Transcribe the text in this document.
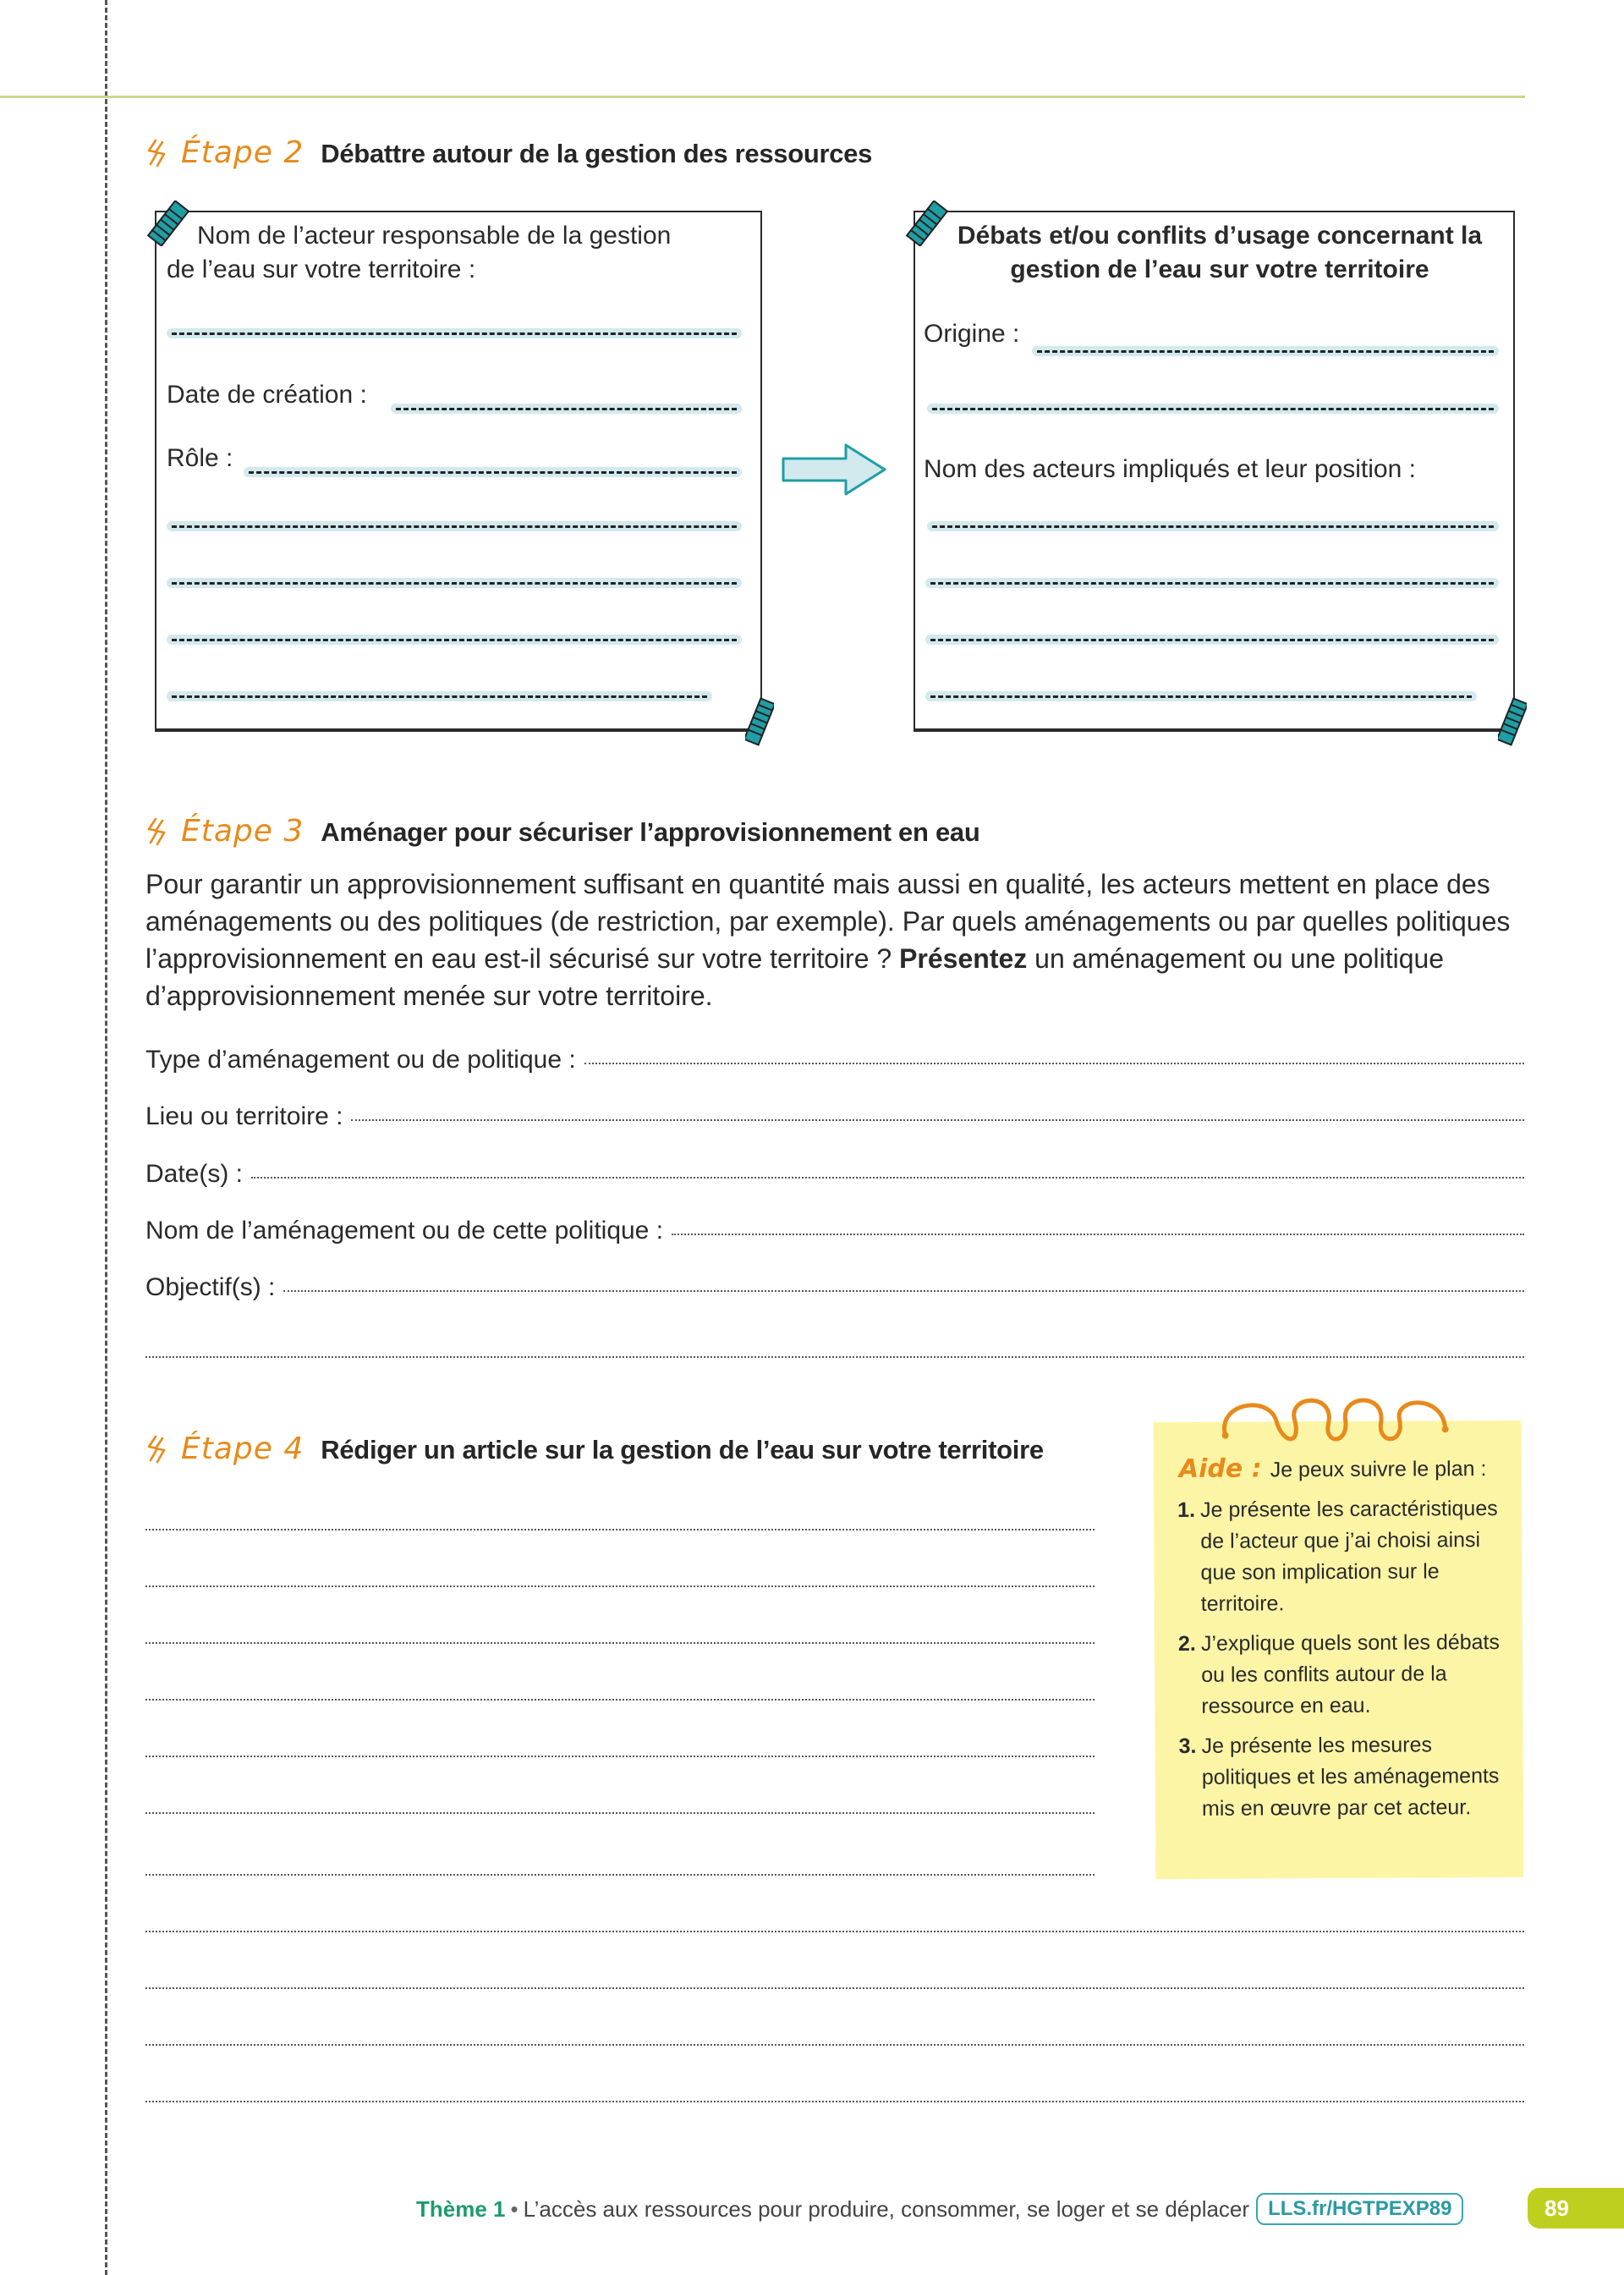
Étape 2 Débattre autour de la gestion des ressources
Nom de l’acteur responsable de la gestion
de l’eau sur votre territoire :
Date de création :
Rôle :
Débats et/ou conflits d’usage concernant la gestion de l’eau sur votre territoire
Origine :
Nom des acteurs impliqués et leur position :
Étape 3 Aménager pour sécuriser l’approvisionnement en eau

Pour garantir un approvisionnement suffisant en quantité mais aussi en qualité, les acteurs mettent en place des aménagements ou des politiques (de restriction, par exemple). Par quels aménagements ou par quelles politiques l’approvisionnement en eau est-il sécurisé sur votre territoire ? Présentez un aménagement ou une politique d’approvisionnement menée sur votre territoire.

Type d’aménagement ou de politique :
Lieu ou territoire :
Date(s) :
Nom de l’aménagement ou de cette politique :
Objectif(s) :
Étape 4 Rédiger un article sur la gestion de l’eau sur votre territoire
Aide : Je peux suivre le plan :
1. Je présente les caractéristiques de l’acteur que j’ai choisi ainsi que son implication sur le territoire.
2. J’explique quels sont les débats ou les conflits autour de la ressource en eau.
3. Je présente les mesures politiques et les aménagements mis en œuvre par cet acteur.
Thème 1 • L’accès aux ressources pour produire, consommer, se loger et se déplacer LLS.fr/HGTPEXP89	89
